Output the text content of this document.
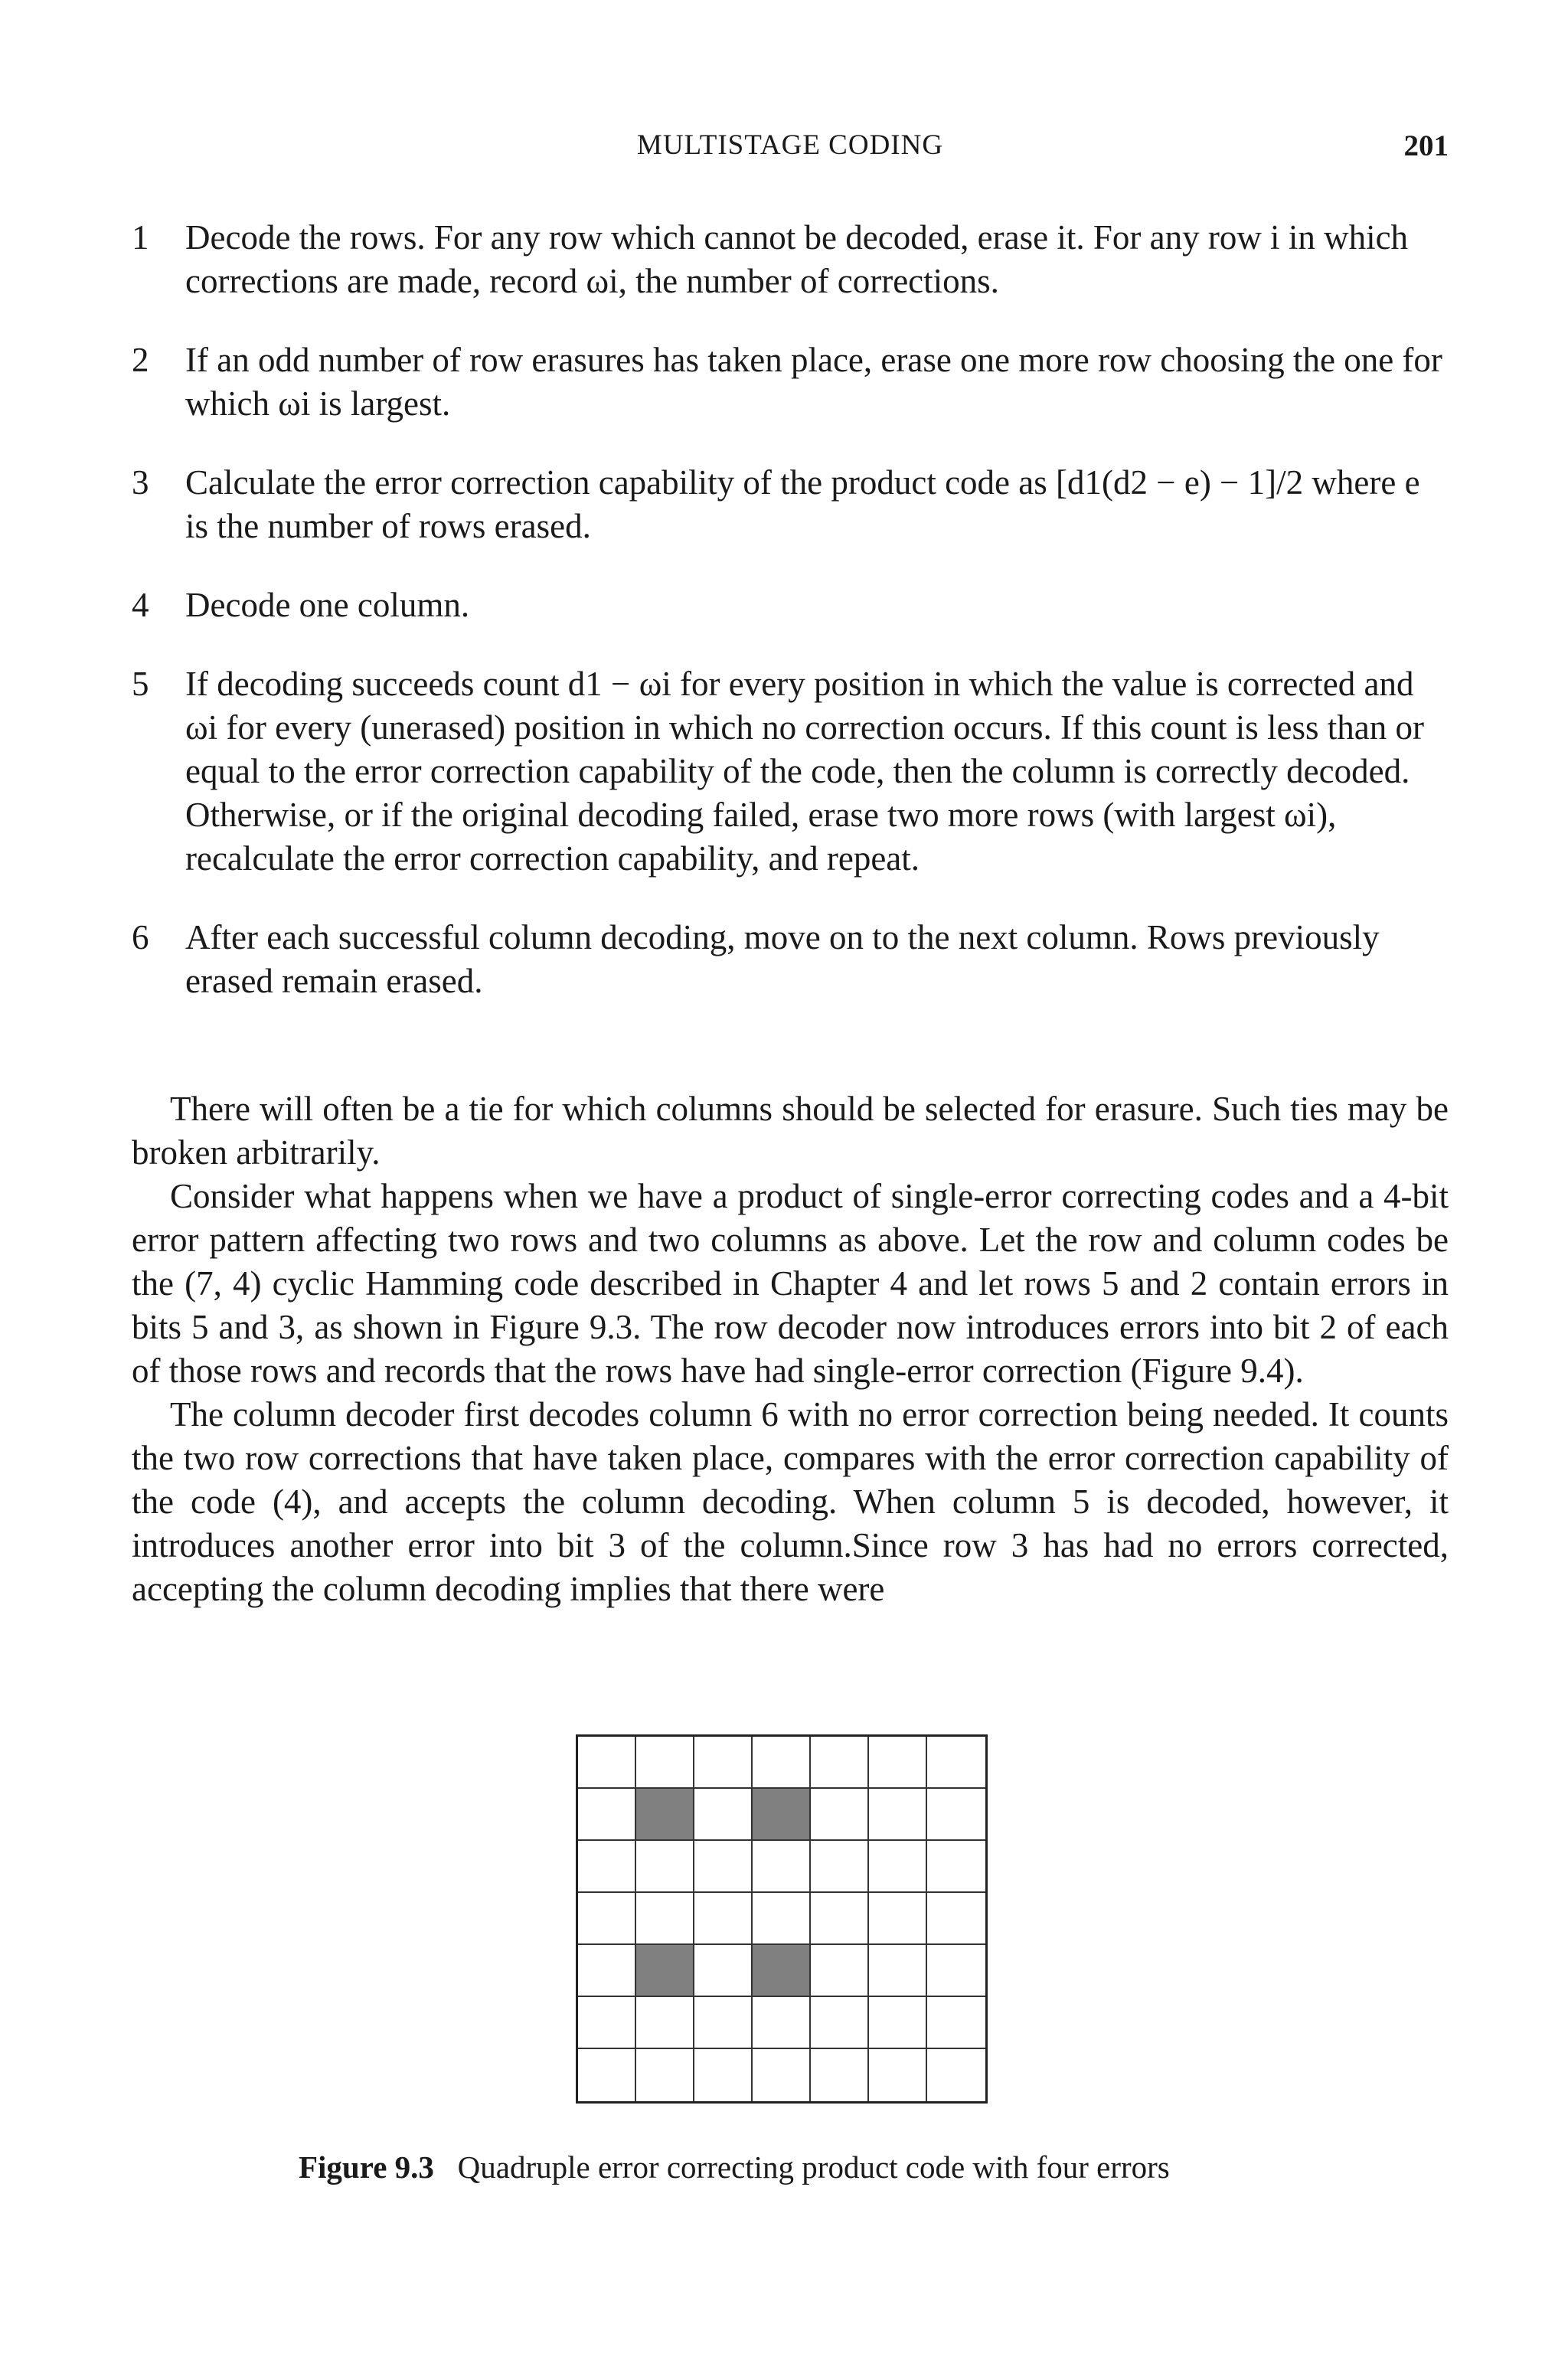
MULTISTAGE CODING	201
1 Decode the rows. For any row which cannot be decoded, erase it. For any row i in which corrections are made, record ωi, the number of corrections.
2 If an odd number of row erasures has taken place, erase one more row choosing the one for which ωi is largest.
3 Calculate the error correction capability of the product code as [d1(d2 − e) − 1]/2 where e is the number of rows erased.
4 Decode one column.
5 If decoding succeeds count d1 − ωi for every position in which the value is corrected and ωi for every (unerased) position in which no correction occurs. If this count is less than or equal to the error correction capability of the code, then the column is correctly decoded. Otherwise, or if the original decoding failed, erase two more rows (with largest ωi), recalculate the error correction capability, and repeat.
6 After each successful column decoding, move on to the next column. Rows previously erased remain erased.

There will often be a tie for which columns should be selected for erasure. Such ties may be broken arbitrarily.

Consider what happens when we have a product of single-error correcting codes and a 4-bit error pattern affecting two rows and two columns as above. Let the row and column codes be the (7, 4) cyclic Hamming code described in Chapter 4 and let rows 5 and 2 contain errors in bits 5 and 3, as shown in Figure 9.3. The row decoder now introduces errors into bit 2 of each of those rows and records that the rows have had single-error correction (Figure 9.4).

The column decoder first decodes column 6 with no error correction being needed. It counts the two row corrections that have taken place, compares with the error correction capability of the code (4), and accepts the column decoding. When column 5 is decoded, however, it introduces another error into bit 3 of the column.Since row 3 has had no errors corrected, accepting the column decoding implies that there were

Figure 9.3 Quadruple error correcting product code with four errors
